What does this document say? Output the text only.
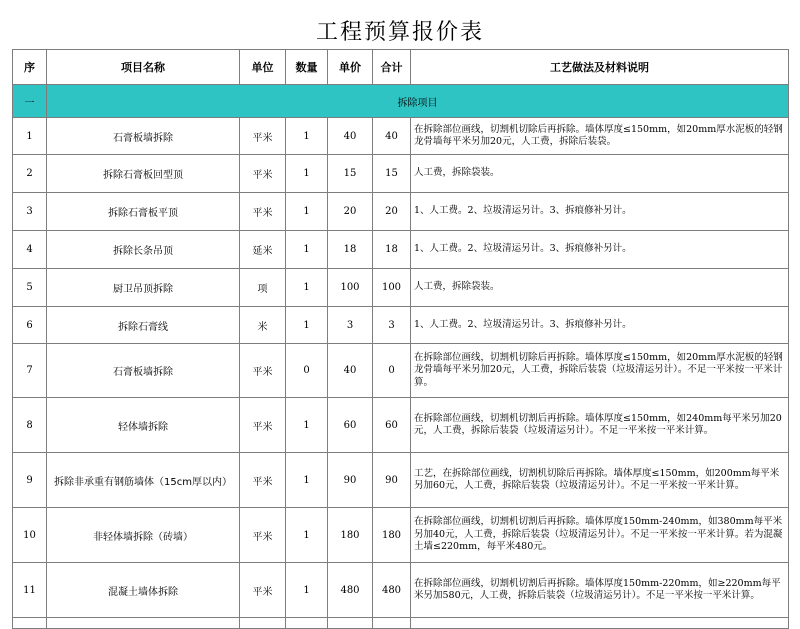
工程预算报价表
序	项目名称	单位	数量	单价	合计	工艺做法及材料说明
一	拆除项目					
1	石膏板墙拆除	平米	1	40	40	在拆除部位画线，切割机切除后再拆除。墙体厚度≤150mm，如20mm厚水泥板的轻钢龙骨墙每平米另加20元，人工费，拆除后装袋。
2	拆除石膏板回型顶	平米	1	15	15	人工费，拆除袋装。
3	拆除石膏板平顶	平米	1	20	20	1、人工费。2、垃圾清运另计。3、拆痕修补另计。
4	拆除长条吊顶	延米	1	18	18	1、人工费。2、垃圾清运另计。3、拆痕修补另计。
5	厨卫吊顶拆除	项	1	100	100	人工费，拆除袋装。
6	拆除石膏线	米	1	3	3	1、人工费。2、垃圾清运另计。3、拆痕修补另计。
7	石膏板墙拆除	平米	0	40	0	在拆除部位画线，切割机切除后再拆除。墙体厚度≤150mm，如20mm厚水泥板的轻钢龙骨墙每平米另加20元，人工费，拆除后装袋（垃圾清运另计）。不足一平米按一平米计算。
8	轻体墙拆除	平米	1	60	60	在拆除部位画线，切割机切割后再拆除。墙体厚度≤150mm，如240mm每平米另加20元，人工费，拆除后装袋（垃圾清运另计）。不足一平米按一平米计算。
9	拆除非承重有钢筋墙体（15cm厚以内）	平米	1	90	90	工艺，在拆除部位画线，切割机切除后再拆除。墙体厚度≤150mm，如200mm每平米另加60元，人工费，拆除后装袋（垃圾清运另计）。不足一平米按一平米计算。
10	非轻体墙拆除（砖墙）	平米	1	180	180	在拆除部位画线，切割机切割后再拆除。墙体厚度150mm-240mm，如380mm每平米另加40元，人工费，拆除后装袋（垃圾清运另计）。不足一平米按一平米计算。若为混凝土墙≤220mm，每平米480元。
11	混凝土墙体拆除	平米	1	480	480	在拆除部位画线，切割机切割后再拆除。墙体厚度150mm-220mm，如≥220mm每平米另加580元，人工费，拆除后装袋（垃圾清运另计）。不足一平米按一平米计算。
